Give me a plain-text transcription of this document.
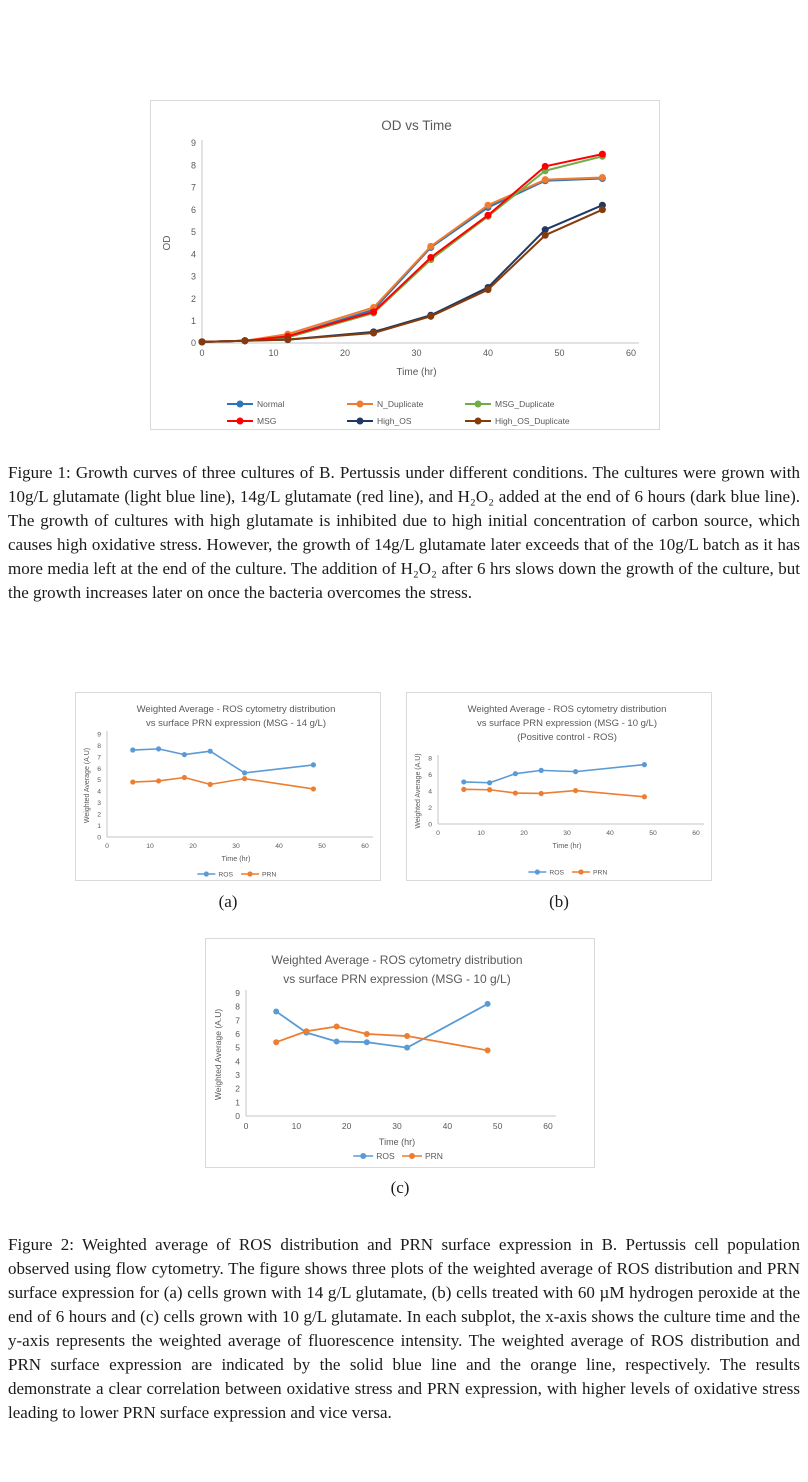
OD vs Time
0
1
2
3
4
5
6
7
8
9
0	10	20	30	40	50	60
Time (hr)
OD
Normal	N_Duplicate	MSG_Duplicate
MSG	High_OS	High_OS_Duplicate
Figure 1: Growth curves of three cultures of B. Pertussis under different conditions. The cultures were grown with 10g/L glutamate (light blue line), 14g/L glutamate (red line), and H₂O₂ added at the end of 6 hours (dark blue line). The growth of cultures with high glutamate is inhibited due to high initial concentration of carbon source, which causes high oxidative stress. However, the growth of 14g/L glutamate later exceeds that of the 10g/L batch as it has more media left at the end of the culture. The addition of H₂O₂ after 6 hrs slows down the growth of the culture, but the growth increases later on once the bacteria overcomes the stress.
Weighted Average - ROS cytometry distribution
vs surface PRN expression (MSG - 14 g/L)
0
1
2
3
4
5
6
7
8
9
0	10	20	30	40	50	60
Time (hr)
Weighted Average (A.U)
ROS	PRN
Weighted Average - ROS cytometry distribution
vs surface PRN expression (MSG - 10 g/L)
(Positive control - ROS)
0
2
4
6
8
0	10	20	30	40	50	60
Time (hr)
Weighted Average (A.U)
ROS	PRN
(a)	(b)
Weighted Average - ROS cytometry distribution
vs surface PRN expression (MSG - 10 g/L)
0
1
2
3
4
5
6
7
8
9
0	10	20	30	40	50	60
Time (hr)
Weighted Average (A.U)
ROS	PRN
(c)
Figure 2: Weighted average of ROS distribution and PRN surface expression in B. Pertussis cell population observed using flow cytometry. The figure shows three plots of the weighted average of ROS distribution and PRN surface expression for (a) cells grown with 14 g/L glutamate, (b) cells treated with 60 µM hydrogen peroxide at the end of 6 hours and (c) cells grown with 10 g/L glutamate. In each subplot, the x-axis shows the culture time and the y-axis represents the weighted average of fluorescence intensity. The weighted average of ROS distribution and PRN surface expression are indicated by the solid blue line and the orange line, respectively. The results demonstrate a clear correlation between oxidative stress and PRN expression, with higher levels of oxidative stress leading to lower PRN surface expression and vice versa.
